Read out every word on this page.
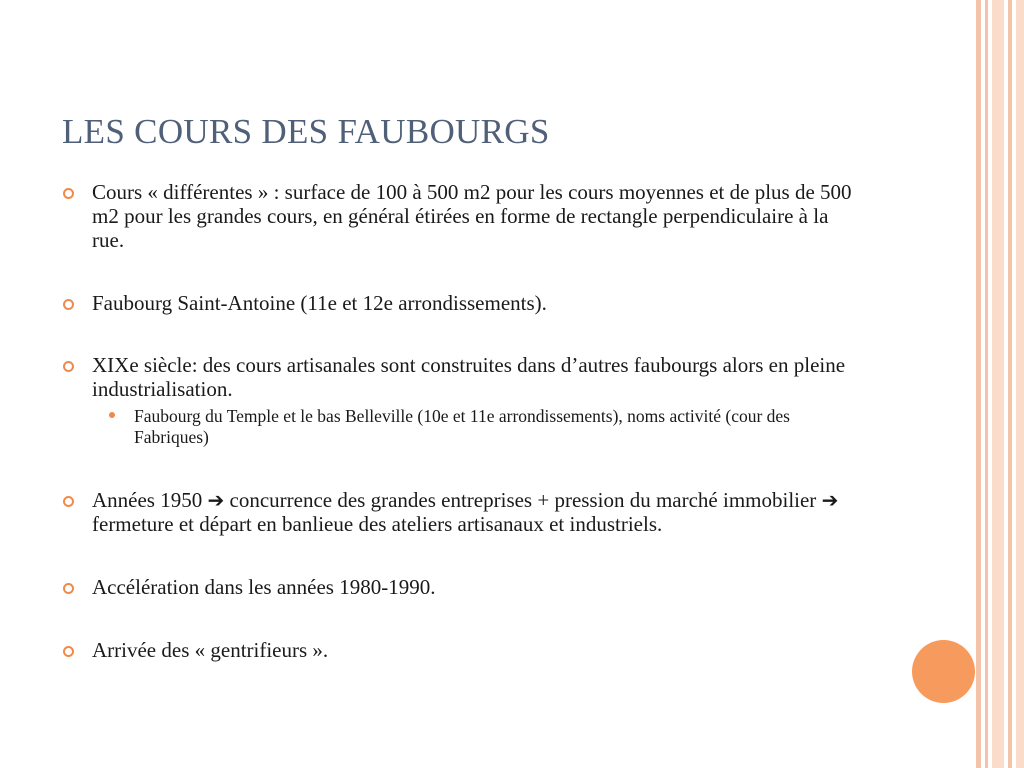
LES COURS DES FAUBOURGS
Cours « différentes » : surface de 100 à 500 m2 pour les cours moyennes et de plus de 500 m2 pour les grandes cours, en général étirées en forme de rectangle perpendiculaire à la rue.
Faubourg Saint-Antoine (11e et 12e arrondissements).
XIXe siècle: des cours artisanales sont construites dans d’autres faubourgs alors en pleine industrialisation.
Faubourg du Temple et le bas Belleville (10e et 11e arrondissements), noms activité (cour des Fabriques)
Années 1950 ➔ concurrence des grandes entreprises + pression du marché immobilier ➔ fermeture et départ en banlieue des ateliers artisanaux et industriels.
Accélération dans les années 1980-1990.
Arrivée des « gentrifieurs ».
